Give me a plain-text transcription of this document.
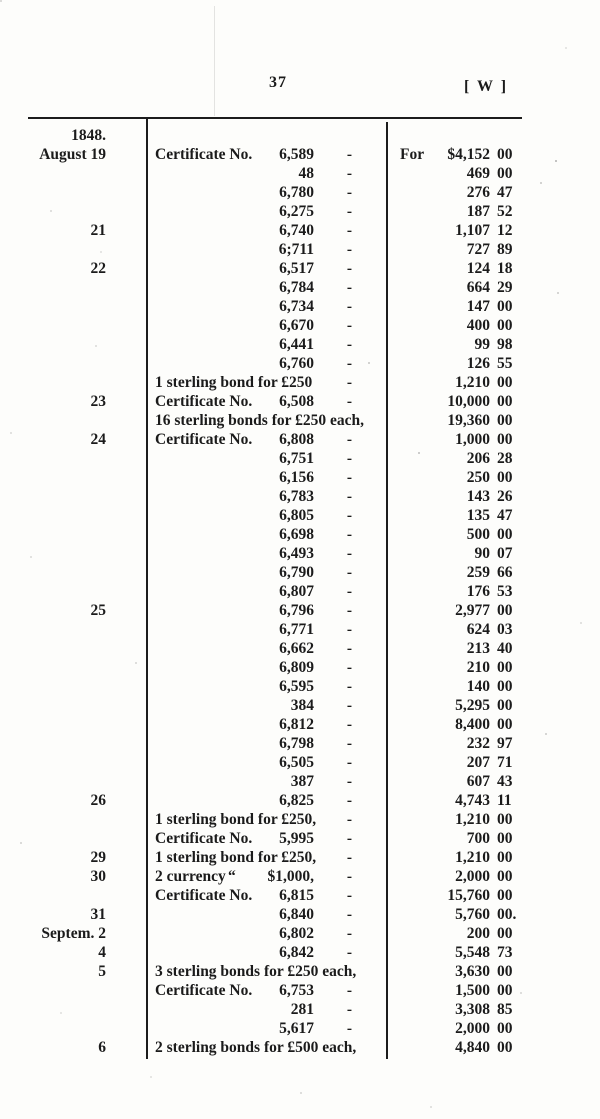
37	[ W ]
1848.
August 19	Certificate No. 6,589 -	For	$4,152 00
48 -	469 00
6,780 -	276 47
6,275 -	187 52
21	6,740 -	1,107 12
6;711 -	727 89
22	6,517 -	124 18
6,784 -	664 29
6,734 -	147 00
6,670 -	400 00
6,441 -	99 98
6,760 -	126 55
1 sterling bond for £250 -	1,210 00
23	Certificate No. 6,508 -	10,000 00
16 sterling bonds for £250 each,	19,360 00
24	Certificate No. 6,808 -	1,000 00
6,751 -	206 28
6,156 -	250 00
6,783 -	143 26
6,805 -	135 47
6,698 -	500 00
6,493 -	90 07
6,790 -	259 66
6,807 -	176 53
25	6,796 -	2,977 00
6,771 -	624 03
6,662 -	213 40
6,809 -	210 00
6,595 -	140 00
384 -	5,295 00
6,812 -	8,400 00
6,798 -	232 97
6,505 -	207 71
387 -	607 43
26	6,825 -	4,743 11
1 sterling bond for £250, -	1,210 00
Certificate No. 5,995 -	700 00
29	1 sterling bond for £250, -	1,210 00
30	2 currency “ $1,000, -	2,000 00
Certificate No. 6,815 -	15,760 00
31	6,840 -	5,760 00.
Septem. 2	6,802 -	200 00
4	6,842 -	5,548 73
5	3 sterling bonds for £250 each,	3,630 00
Certificate No. 6,753 -	1,500 00
281 -	3,308 85
5,617 -	2,000 00
6	2 sterling bonds for £500 each,	4,840 00
